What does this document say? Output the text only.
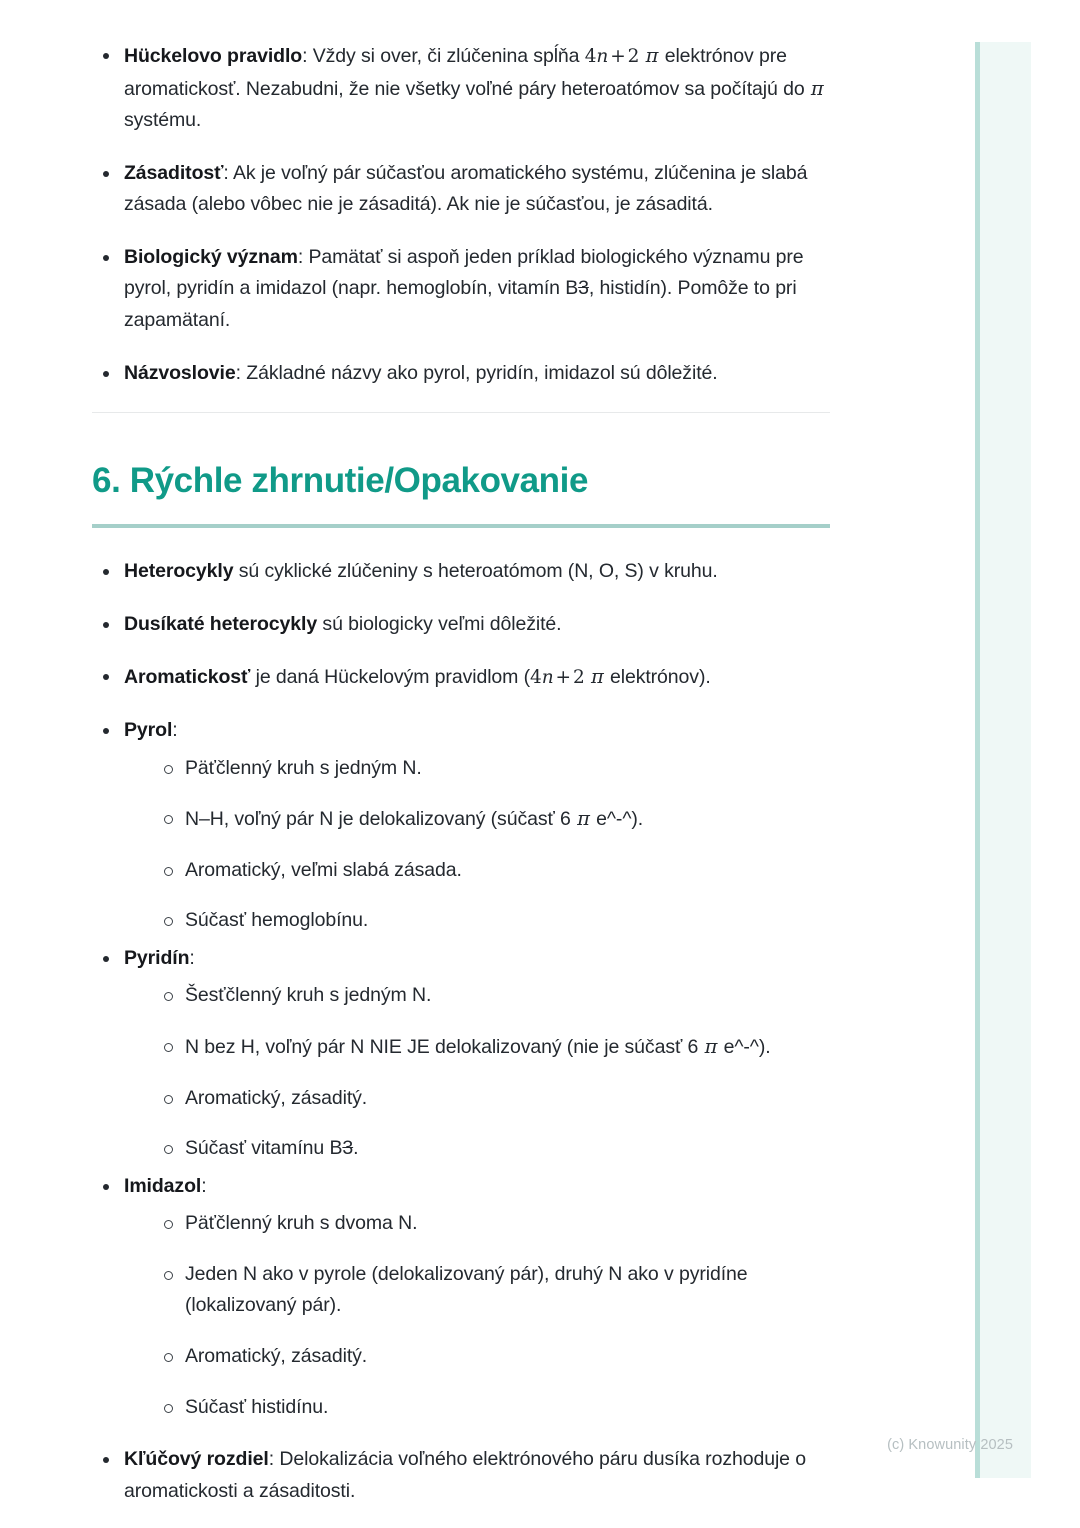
Hückelovo pravidlo: Vždy si over, či zlúčenina spĺňa 4n + 2 π elektrónov pre aromatickosť. Nezabudni, že nie všetky voľné páry heteroatómov sa počítajú do π systému.
Zásaditosť: Ak je voľný pár súčasťou aromatického systému, zlúčenina je slabá zásada (alebo vôbec nie je zásaditá). Ak nie je súčasťou, je zásaditá.
Biologický význam: Pamätať si aspoň jeden príklad biologického významu pre pyrol, pyridín a imidazol (napr. hemoglobín, vitamín B3, histidín). Pomôže to pri zapamätaní.
Názvoslovie: Základné názvy ako pyrol, pyridín, imidazol sú dôležité.
6. Rýchle zhrnutie/Opakovanie
Heterocykly sú cyklické zlúčeniny s heteroatómom (N, O, S) v kruhu.
Dusíkaté heterocykly sú biologicky veľmi dôležité.
Aromatickosť je daná Hückelovým pravidlom (4n + 2 π elektrónov).
Pyrol:
Päťčlenný kruh s jedným N.
N–H, voľný pár N je delokalizovaný (súčasť 6 π e^-^).
Aromatický, veľmi slabá zásada.
Súčasť hemoglobínu.
Pyridín:
Šesťčlenný kruh s jedným N.
N bez H, voľný pár N NIE JE delokalizovaný (nie je súčasť 6 π e^-^).
Aromatický, zásaditý.
Súčasť vitamínu B3.
Imidazol:
Päťčlenný kruh s dvoma N.
Jeden N ako v pyrole (delokalizovaný pár), druhý N ako v pyridíne (lokalizovaný pár).
Aromatický, zásaditý.
Súčasť histidínu.
Kľúčový rozdiel: Delokalizácia voľného elektrónového páru dusíka rozhoduje o aromatickosti a zásaditosti.
(c) Knowunity 2025
